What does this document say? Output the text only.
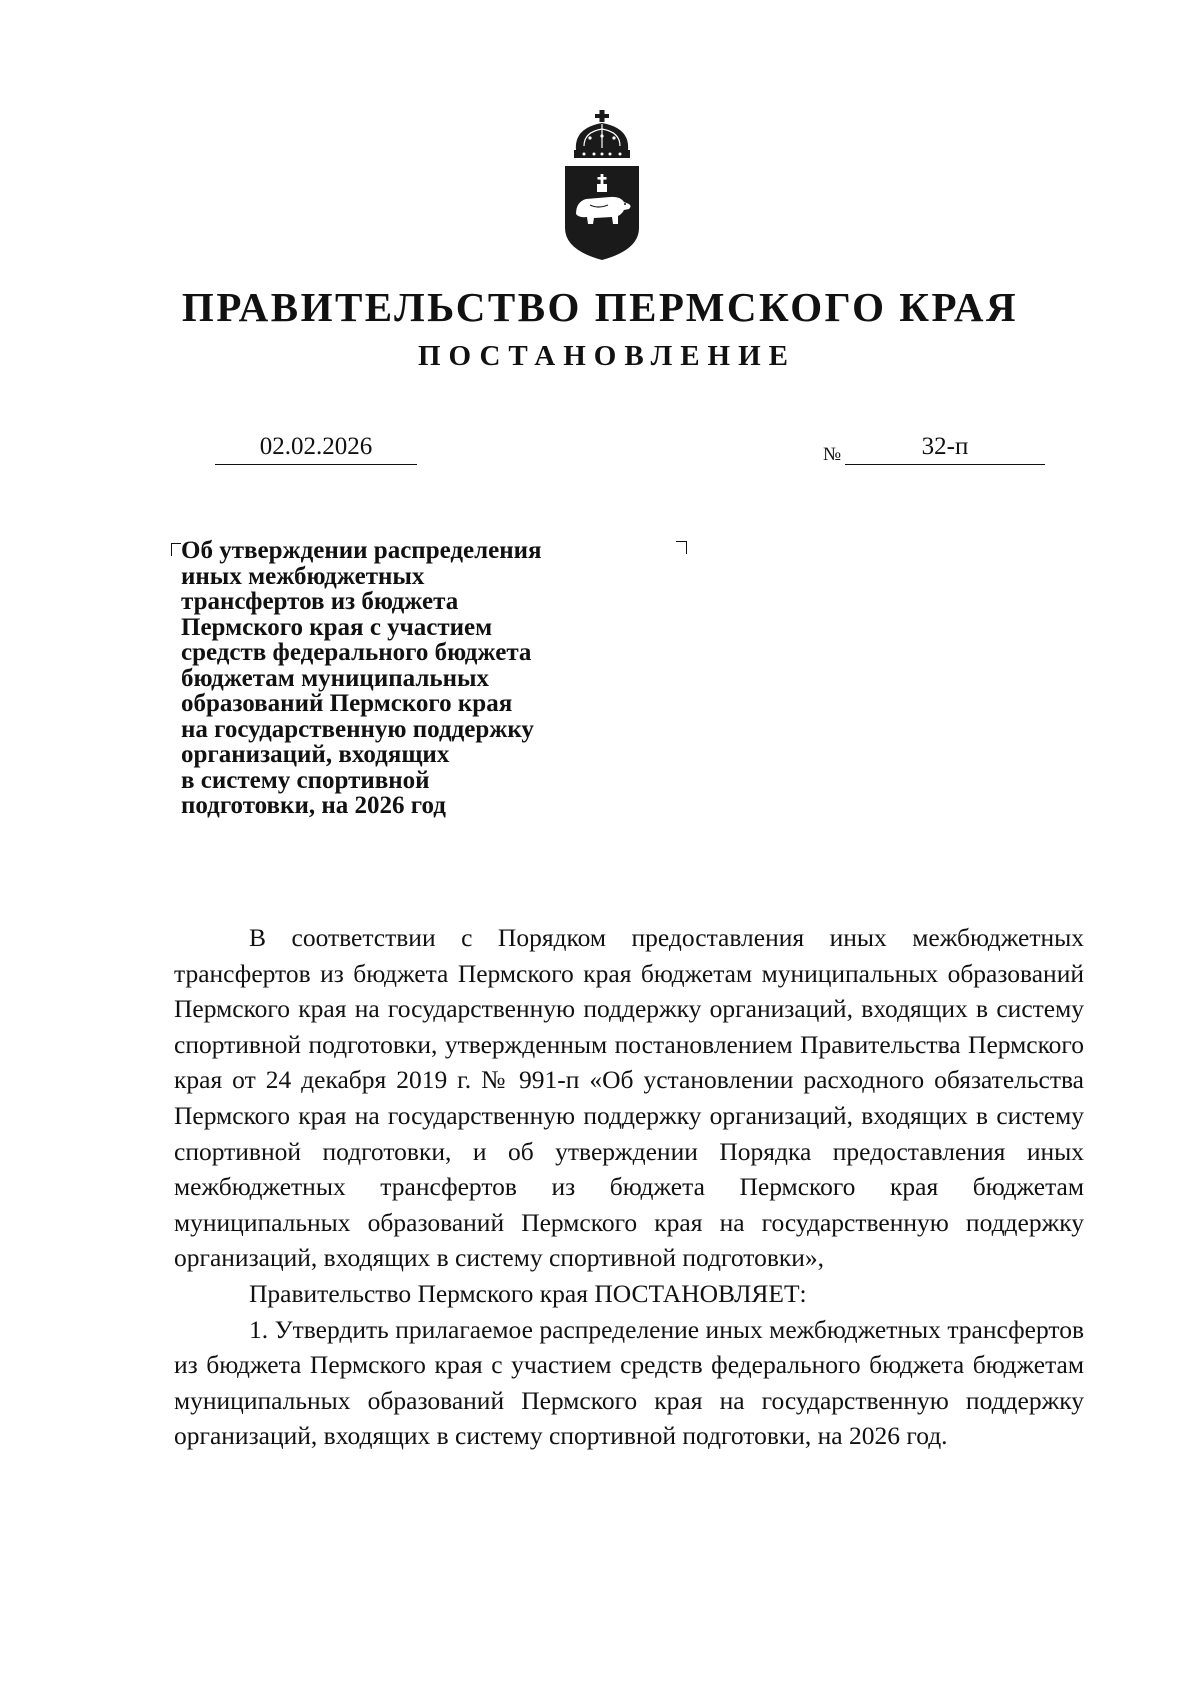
ПРАВИТЕЛЬСТВО ПЕРМСКОГО КРАЯ
ПОСТАНОВЛЕНИЕ
02.02.2026	№	32-п
Об утверждении распределения
иных межбюджетных
трансфертов из бюджета
Пермского края с участием
средств федерального бюджета
бюджетам муниципальных
образований Пермского края
на государственную поддержку
организаций, входящих
в систему спортивной
подготовки, на 2026 год

В соответствии с Порядком предоставления иных межбюджетных трансфертов из бюджета Пермского края бюджетам муниципальных образований Пермского края на государственную поддержку организаций, входящих в систему спортивной подготовки, утвержденным постановлением Правительства Пермского края от 24 декабря 2019 г. № 991-п «Об установлении расходного обязательства Пермского края на государственную поддержку организаций, входящих в систему спортивной подготовки, и об утверждении Порядка предоставления иных межбюджетных трансфертов из бюджета Пермского края бюджетам муниципальных образований Пермского края на государственную поддержку организаций, входящих в систему спортивной подготовки»,

Правительство Пермского края ПОСТАНОВЛЯЕТ:

1. Утвердить прилагаемое распределение иных межбюджетных трансфертов из бюджета Пермского края с участием средств федерального бюджета бюджетам муниципальных образований Пермского края на государственную поддержку организаций, входящих в систему спортивной подготовки, на 2026 год.
